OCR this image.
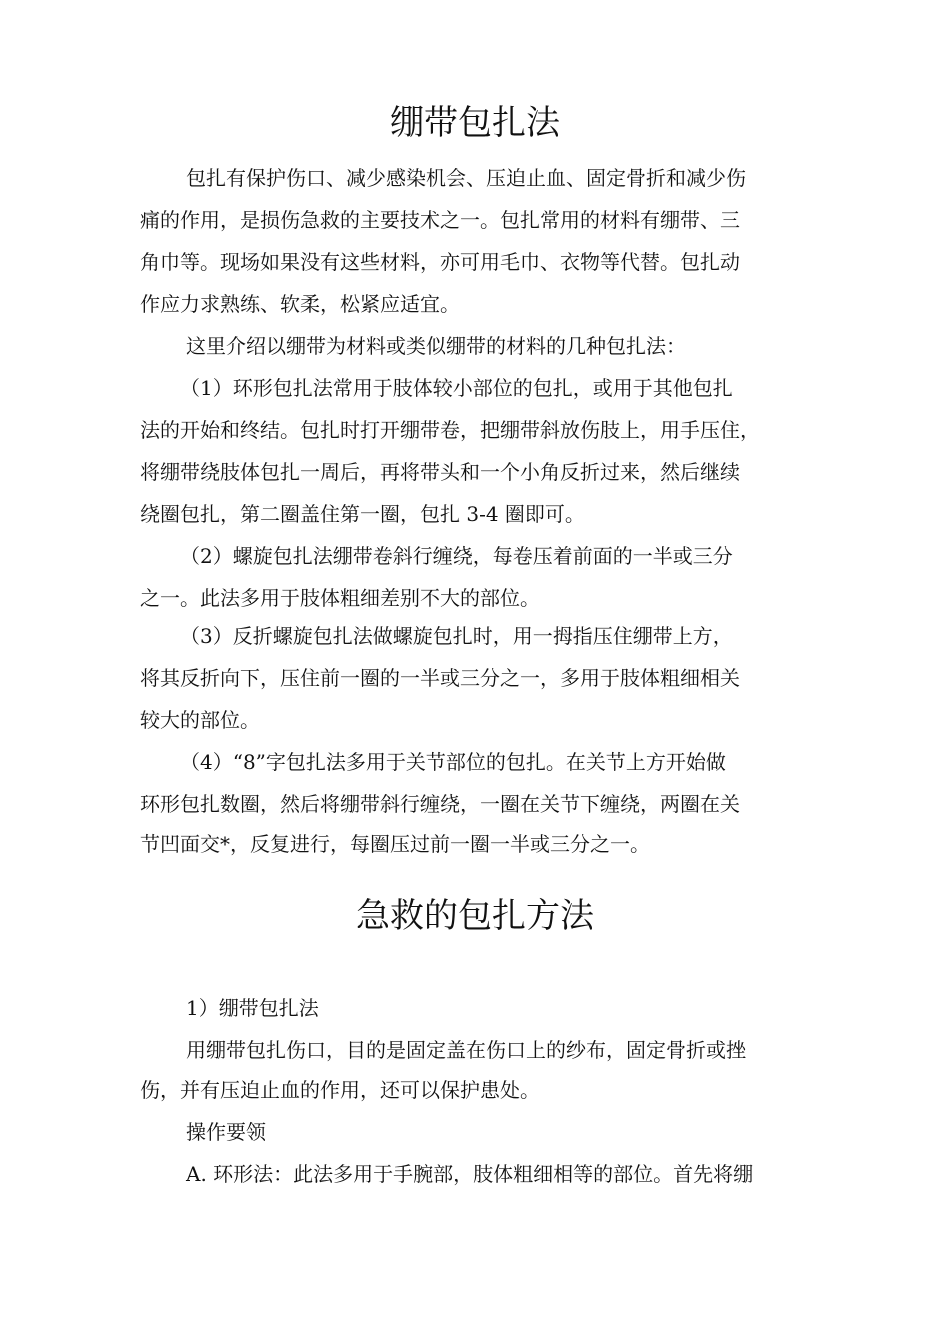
绷带包扎法

包扎有保护伤口、减少感染机会、压迫止血、固定骨折和减少伤

痛的作用，是损伤急救的主要技术之一。包扎常用的材料有绷带、三

角巾等。现场如果没有这些材料，亦可用毛巾、衣物等代替。包扎动

作应力求熟练、软柔，松紧应适宜。

这里介绍以绷带为材料或类似绷带的材料的几种包扎法：

（1）环形包扎法常用于肢体较小部位的包扎，或用于其他包扎

法的开始和终结。包扎时打开绷带卷，把绷带斜放伤肢上，用手压住，

将绷带绕肢体包扎一周后，再将带头和一个小角反折过来，然后继续

绕圈包扎，第二圈盖住第一圈，包扎 3-4 圈即可。

（2）螺旋包扎法绷带卷斜行缠绕，每卷压着前面的一半或三分

之一。此法多用于肢体粗细差别不大的部位。

（3）反折螺旋包扎法做螺旋包扎时，用一拇指压住绷带上方，

将其反折向下，压住前一圈的一半或三分之一，多用于肢体粗细相关

较大的部位。

（4）“8”字包扎法多用于关节部位的包扎。在关节上方开始做

环形包扎数圈，然后将绷带斜行缠绕，一圈在关节下缠绕，两圈在关

节凹面交*，反复进行，每圈压过前一圈一半或三分之一。

急救的包扎方法

1）绷带包扎法

用绷带包扎伤口，目的是固定盖在伤口上的纱布，固定骨折或挫

伤，并有压迫止血的作用，还可以保护患处。

操作要领

A. 环形法：此法多用于手腕部，肢体粗细相等的部位。首先将绷
